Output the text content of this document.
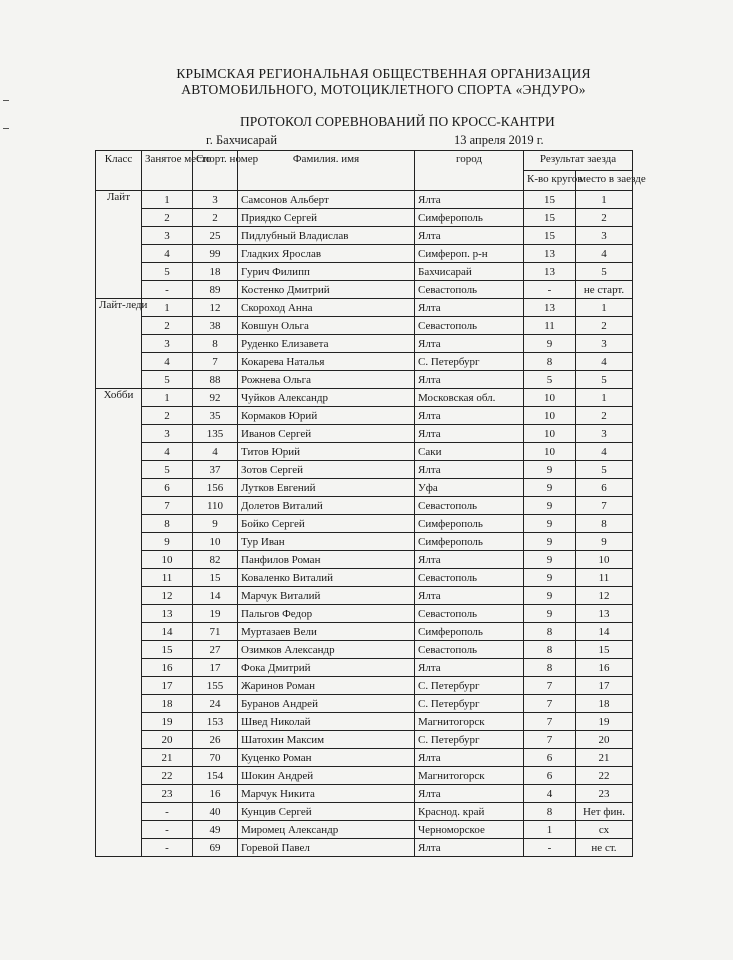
КРЫМСКАЯ РЕГИОНАЛЬНАЯ ОБЩЕСТВЕННАЯ ОРГАНИЗАЦИЯ
АВТОМОБИЛЬНОГО, МОТОЦИКЛЕТНОГО СПОРТА «ЭНДУРО»
ПРОТОКОЛ СОРЕВНОВАНИЙ ПО КРОСС-КАНТРИ
г. Бахчисарай	13 апреля 2019 г.
Класс	Занятое место	Спорт. номер	Фамилия. имя	город	Результат заезда	
					К-во кругов	место в заезде
Лайт	1	3	Самсонов Альберт	Ялта	15	1
	2	2	Приядко Сергей	Симферополь	15	2
	3	25	Пидлубный Владислав	Ялта	15	3
	4	99	Гладких Ярослав	Симфероп. р-н	13	4
	5	18	Гурич Филипп	Бахчисарай	13	5
	-	89	Костенко Дмитрий	Севастополь	-	не старт.
Лайт-леди	1	12	Скороход Анна	Ялта	13	1
	2	38	Ковшун Ольга	Севастополь	11	2
	3	8	Руденко Елизавета	Ялта	9	3
	4	7	Кокарева Наталья	С. Петербург	8	4
	5	88	Рожнева Ольга	Ялта	5	5
Хобби	1	92	Чуйков Александр	Московская обл.	10	1
	2	35	Кормаков Юрий	Ялта	10	2
	3	135	Иванов Сергей	Ялта	10	3
	4	4	Титов Юрий	Саки	10	4
	5	37	Зотов Сергей	Ялта	9	5
	6	156	Лутков Евгений	Уфа	9	6
	7	110	Долетов Виталий	Севастополь	9	7
	8	9	Бойко Сергей	Симферополь	9	8
	9	10	Тур Иван	Симферополь	9	9
	10	82	Панфилов Роман	Ялта	9	10
	11	15	Коваленко Виталий	Севастополь	9	11
	12	14	Марчук Виталий	Ялта	9	12
	13	19	Пальгов Федор	Севастополь	9	13
	14	71	Муртазаев Вели	Симферополь	8	14
	15	27	Озимков Александр	Севастополь	8	15
	16	17	Фока Дмитрий	Ялта	8	16
	17	155	Жаринов Роман	С. Петербург	7	17
	18	24	Буранов Андрей	С. Петербург	7	18
	19	153	Швед Николай	Магнитогорск	7	19
	20	26	Шатохин Максим	С. Петербург	7	20
	21	70	Куценко Роман	Ялта	6	21
	22	154	Шокин Андрей	Магнитогорск	6	22
	23	16	Марчук Никита	Ялта	4	23
	-	40	Кунцив Сергей	Краснод. край	8	Нет фин.
	-	49	Миромец Александр	Черноморское	1	сх
	-	69	Горевой Павел	Ялта	-	не ст.
